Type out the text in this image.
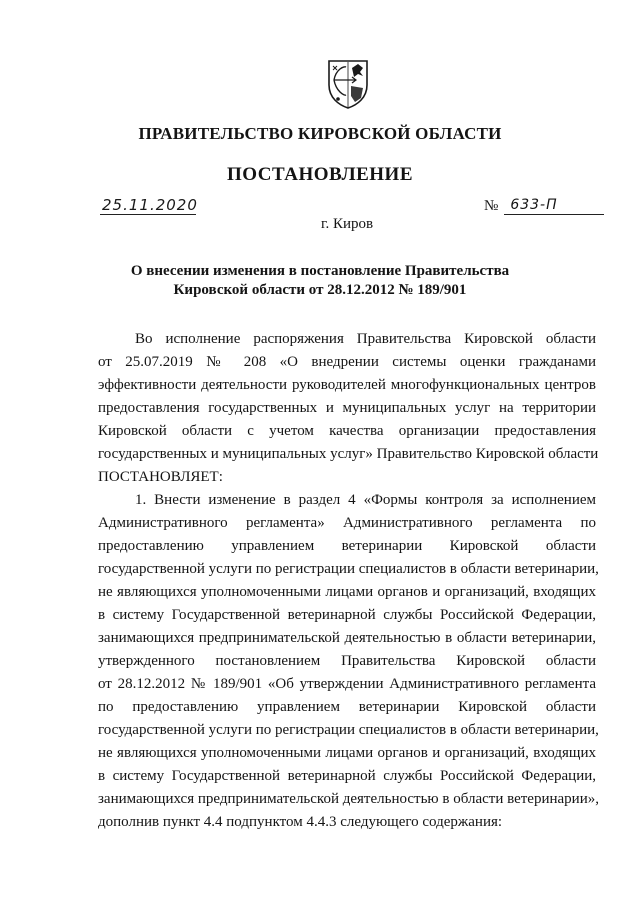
ПРАВИТЕЛЬСТВО КИРОВСКОЙ ОБЛАСТИ
ПОСТАНОВЛЕНИЕ
25.11.2020	№ 633-П
г. Киров
О внесении изменения в постановление Правительства
Кировской области от 28.12.2012 № 189/901
Во исполнение распоряжения Правительства Кировской области
от 25.07.2019 № 208 «О внедрении системы оценки гражданами
эффективности деятельности руководителей многофункциональных центров
предоставления государственных и муниципальных услуг на территории
Кировской области с учетом качества организации предоставления
государственных и муниципальных услуг» Правительство Кировской области
ПОСТАНОВЛЯЕТ:
1. Внести изменение в раздел 4 «Формы контроля за исполнением
Административного регламента» Административного регламента по
предоставлению управлением ветеринарии Кировской области
государственной услуги по регистрации специалистов в области ветеринарии,
не являющихся уполномоченными лицами органов и организаций, входящих
в систему Государственной ветеринарной службы Российской Федерации,
занимающихся предпринимательской деятельностью в области ветеринарии,
утвержденного постановлением Правительства Кировской области
от 28.12.2012 № 189/901 «Об утверждении Административного регламента
по предоставлению управлением ветеринарии Кировской области
государственной услуги по регистрации специалистов в области ветеринарии,
не являющихся уполномоченными лицами органов и организаций, входящих
в систему Государственной ветеринарной службы Российской Федерации,
занимающихся предпринимательской деятельностью в области ветеринарии»,
дополнив пункт 4.4 подпунктом 4.4.3 следующего содержания:
